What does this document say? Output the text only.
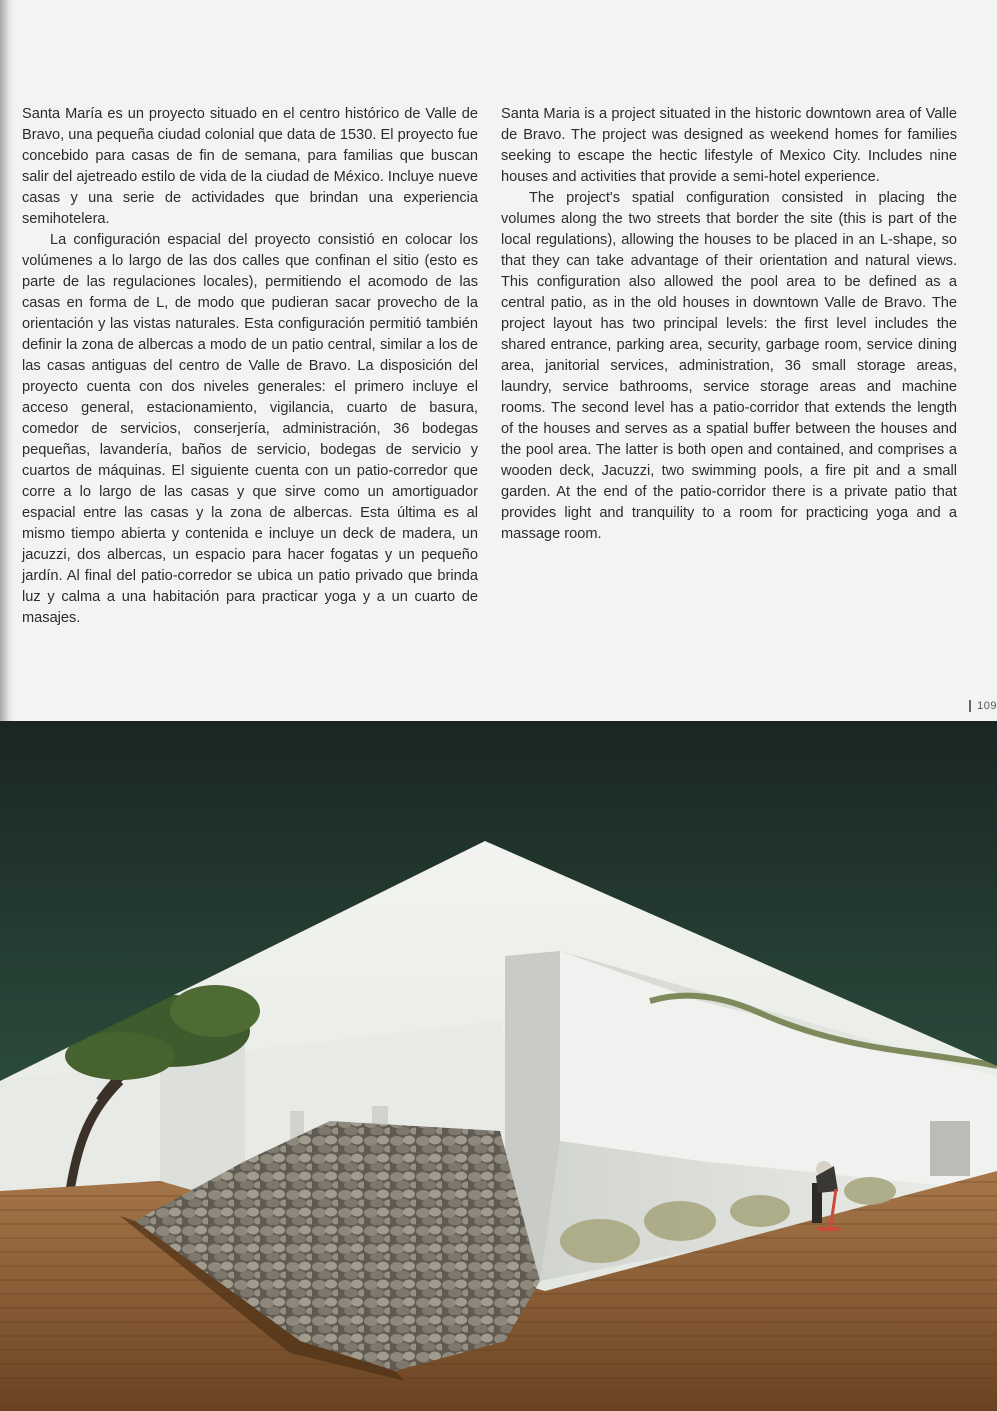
Santa María es un proyecto situado en el centro histórico de Valle de Bravo, una pequeña ciudad colonial que data de 1530. El proyecto fue concebido para casas de fin de semana, para familias que buscan salir del ajetreado estilo de vida de la ciudad de México. Incluye nueve casas y una serie de actividades que brindan una experiencia semihotelera.

La configuración espacial del proyecto consistió en colocar los volúmenes a lo largo de las dos calles que confinan el sitio (esto es parte de las regulaciones locales), permitiendo el acomodo de las casas en forma de L, de modo que pudieran sacar provecho de la orientación y las vistas naturales. Esta configuración permitió también definir la zona de albercas a modo de un patio central, similar a los de las casas antiguas del centro de Valle de Bravo. La disposición del proyecto cuenta con dos niveles generales: el primero incluye el acceso general, estacionamiento, vigilancia, cuarto de basura, comedor de servicios, conserjería, administración, 36 bodegas pequeñas, lavandería, baños de servicio, bodegas de servicio y cuartos de máquinas. El siguiente cuenta con un patio-corredor que corre a lo largo de las casas y que sirve como un amortiguador espacial entre las casas y la zona de albercas. Esta última es al mismo tiempo abierta y contenida e incluye un deck de madera, un jacuzzi, dos albercas, un espacio para hacer fogatas y un pequeño jardín. Al final del patio-corredor se ubica un patio privado que brinda luz y calma a una habitación para practicar yoga y a un cuarto de masajes.

Santa Maria is a project situated in the historic downtown area of Valle de Bravo. The project was designed as weekend homes for families seeking to escape the hectic lifestyle of Mexico City. Includes nine houses and activities that provide a semi-hotel experience.

The project's spatial configuration consisted in placing the volumes along the two streets that border the site (this is part of the local regulations), allowing the houses to be placed in an L-shape, so that they can take advantage of their orientation and natural views. This configuration also allowed the pool area to be defined as a central patio, as in the old houses in downtown Valle de Bravo. The project layout has two principal levels: the first level includes the shared entrance, parking area, security, garbage room, service dining area, janitorial services, administration, 36 small storage areas, laundry, service bathrooms, service storage areas and machine rooms. The second level has a patio-corridor that extends the length of the houses and serves as a spatial buffer between the houses and the pool area. The latter is both open and contained, and comprises a wooden deck, Jacuzzi, two swimming pools, a fire pit and a small garden. At the end of the patio-corridor there is a private patio that provides light and tranquility to a room for practicing yoga and a massage room.

109
